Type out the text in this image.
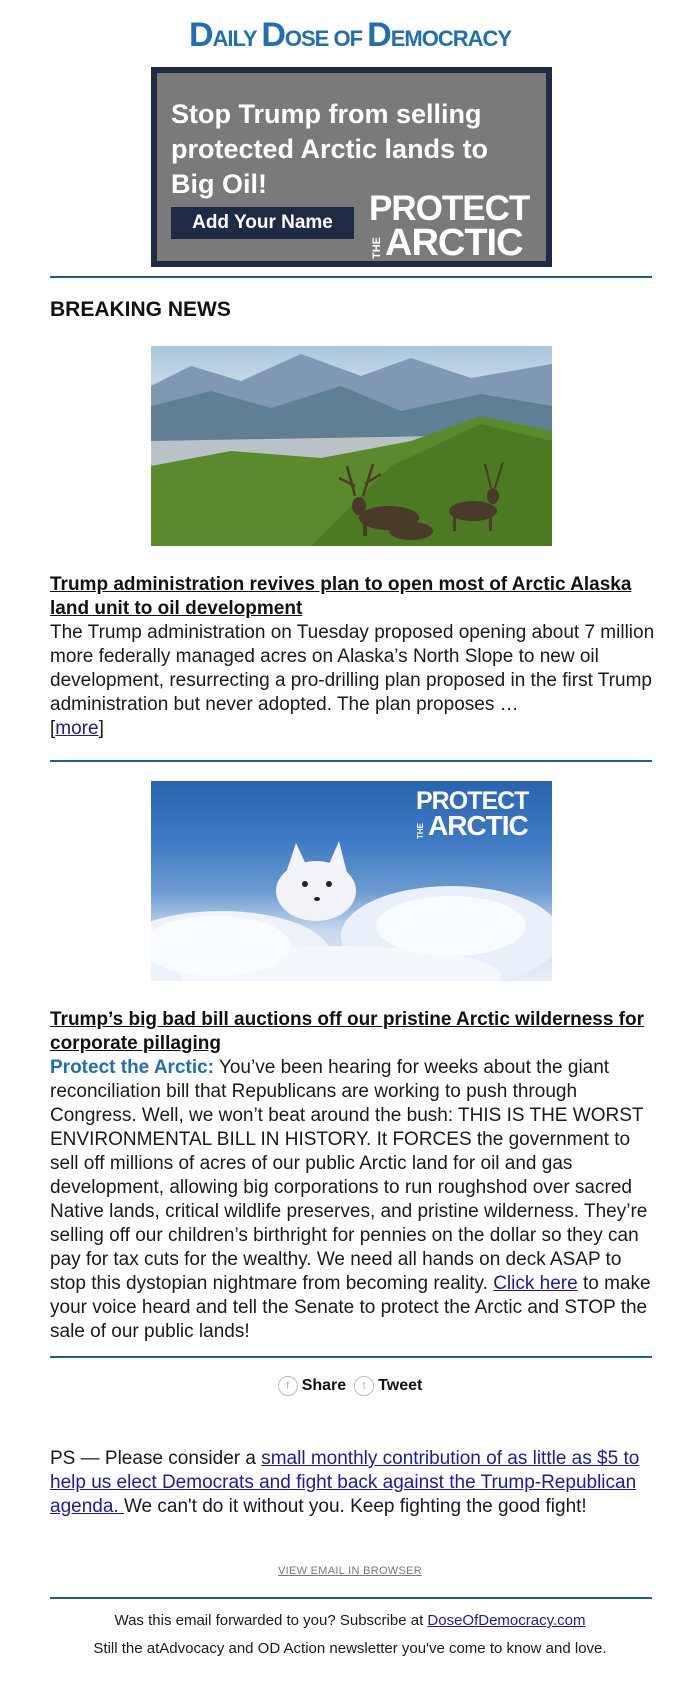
DAILY DOSE OF DEMOCRACY
Stop Trump from selling protected Arctic lands to Big Oil!
Add Your Name	PROTECT
THE ARCTIC
BREAKING NEWS
Trump administration revives plan to open most of Arctic Alaska land unit to oil development
The Trump administration on Tuesday proposed opening about 7 million more federally managed acres on Alaska’s North Slope to new oil development, resurrecting a pro-drilling plan proposed in the first Trump administration but never adopted. The plan proposes …
[more]
PROTECT
THE ARCTIC
Trump’s big bad bill auctions off our pristine Arctic wilderness for corporate pillaging
Protect the Arctic: You’ve been hearing for weeks about the giant reconciliation bill that Republicans are working to push through Congress. Well, we won’t beat around the bush: THIS IS THE WORST ENVIRONMENTAL BILL IN HISTORY. It FORCES the government to sell off millions of acres of our public Arctic land for oil and gas development, allowing big corporations to run roughshod over sacred Native lands, critical wildlife preserves, and pristine wilderness. They’re selling off our children’s birthright for pennies on the dollar so they can pay for tax cuts for the wealthy. We need all hands on deck ASAP to stop this dystopian nightmare from becoming reality. Click here to make your voice heard and tell the Senate to protect the Arctic and STOP the sale of our public lands!
f Share	t Tweet
PS — Please consider a small monthly contribution of as little as $5 to help us elect Democrats and fight back against the Trump-Republican agenda. We can't do it without you. Keep fighting the good fight!
VIEW EMAIL IN BROWSER
Was this email forwarded to you? Subscribe at DoseOfDemocracy.com
Still the atAdvocacy and OD Action newsletter you've come to know and love.
